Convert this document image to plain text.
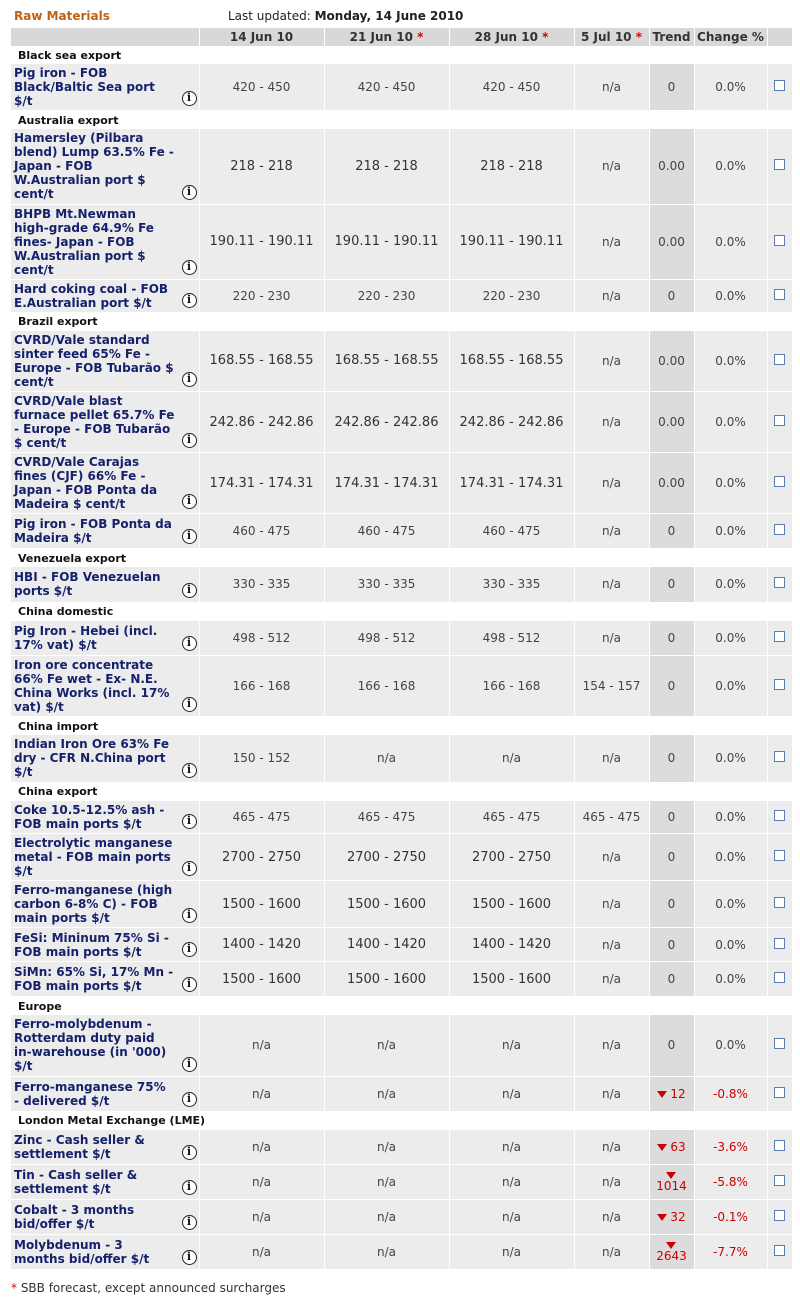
Raw Materials	Last updated: Monday, 14 June 2010
	14 Jun 10	21 Jun 10 *	28 Jun 10 *	5 Jul 10 *	Trend	Change %	
Black sea export							

Pig iron - FOB Black/Baltic Sea port $/t i	420 - 450	420 - 450	420 - 450	n/a	0	0.0%	
Australia export							

Hamersley (Pilbara blend) Lump 63.5% Fe - Japan - FOB W.Australian port $ cent/t i	218 - 218	218 - 218	218 - 218	n/a	0.00	0.0%	

BHPB Mt.Newman high-grade 64.9% Fe fines- Japan - FOB W.Australian port $ cent/t i	190.11 - 190.11	190.11 - 190.11	190.11 - 190.11	n/a	0.00	0.0%	

Hard coking coal - FOB E.Australian port $/t i	220 - 230	220 - 230	220 - 230	n/a	0	0.0%	
Brazil export							

CVRD/Vale standard sinter feed 65% Fe - Europe - FOB Tubarão $ cent/t i	168.55 - 168.55	168.55 - 168.55	168.55 - 168.55	n/a	0.00	0.0%	

CVRD/Vale blast furnace pellet 65.7% Fe - Europe - FOB Tubarão $ cent/t i	242.86 - 242.86	242.86 - 242.86	242.86 - 242.86	n/a	0.00	0.0%	

CVRD/Vale Carajas fines (CJF) 66% Fe - Japan - FOB Ponta da Madeira $ cent/t i	174.31 - 174.31	174.31 - 174.31	174.31 - 174.31	n/a	0.00	0.0%	

Pig iron - FOB Ponta da Madeira $/t i	460 - 475	460 - 475	460 - 475	n/a	0	0.0%	
Venezuela export							

HBI - FOB Venezuelan ports $/t i	330 - 335	330 - 335	330 - 335	n/a	0	0.0%	
China domestic							

Pig Iron - Hebei (incl. 17% vat) $/t i	498 - 512	498 - 512	498 - 512	n/a	0	0.0%	

Iron ore concentrate 66% Fe wet - Ex- N.E. China Works (incl. 17% vat) $/t i	166 - 168	166 - 168	166 - 168	154 - 157	0	0.0%	
China import							

Indian Iron Ore 63% Fe dry - CFR N.China port $/t i	150 - 152	n/a	n/a	n/a	0	0.0%	
China export							

Coke 10.5-12.5% ash - FOB main ports $/t i	465 - 475	465 - 475	465 - 475	465 - 475	0	0.0%	

Electrolytic manganese metal - FOB main ports $/t i	2700 - 2750	2700 - 2750	2700 - 2750	n/a	0	0.0%	

Ferro-manganese (high carbon 6-8% C) - FOB main ports $/t i	1500 - 1600	1500 - 1600	1500 - 1600	n/a	0	0.0%	

FeSi: Mininum 75% Si - FOB main ports $/t i	1400 - 1420	1400 - 1420	1400 - 1420	n/a	0	0.0%	

SiMn: 65% Si, 17% Mn - FOB main ports $/t i	1500 - 1600	1500 - 1600	1500 - 1600	n/a	0	0.0%	
Europe							

Ferro-molybdenum - Rotterdam duty paid in-warehouse (in '000) $/t i	n/a	n/a	n/a	n/a	0	0.0%	

Ferro-manganese 75% - delivered $/t i	n/a	n/a	n/a	n/a	12	-0.8%	
London Metal Exchange (LME)							

Zinc - Cash seller & settlement $/t i	n/a	n/a	n/a	n/a	63	-3.6%	

Tin - Cash seller & settlement $/t i	n/a	n/a	n/a	n/a	1014	-5.8%	

Cobalt - 3 months bid/offer $/t i	n/a	n/a	n/a	n/a	32	-0.1%	

Molybdenum - 3 months bid/offer $/t i	n/a	n/a	n/a	n/a	2643	-7.7%	
* SBB forecast, except announced surcharges
